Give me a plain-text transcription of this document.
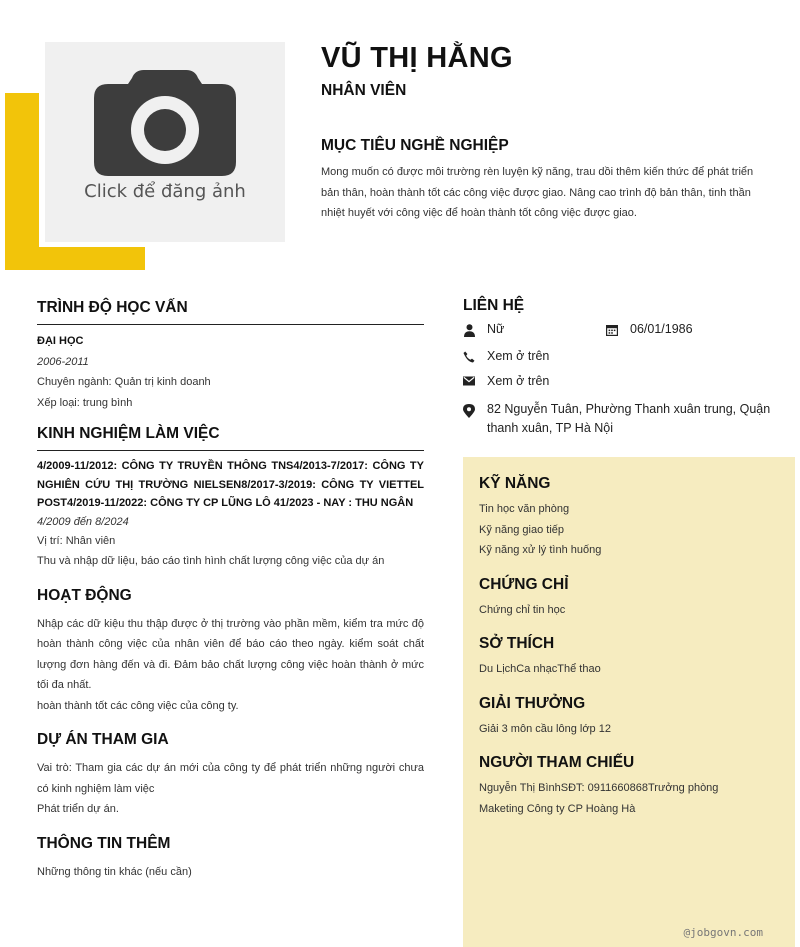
Click để đăng ảnh
VŨ THỊ HẰNG
NHÂN VIÊN
MỤC TIÊU NGHỀ NGHIỆP
Mong muốn có được môi trường rèn luyện kỹ năng, trau dồi thêm kiến thức để phát triển bản thân, hoàn thành tốt các công việc được giao. Nâng cao trình độ bản thân, tinh thần nhiệt huyết với công việc để hoàn thành tốt công việc được giao.
TRÌNH ĐỘ HỌC VẤN
ĐẠI HỌC
2006-2011
Chuyên ngành: Quản trị kinh doanh
Xếp loại: trung bình
KINH NGHIỆM LÀM VIỆC
4/2009-11/2012: CÔNG TY TRUYỀN THÔNG TNS4/2013-7/2017: CÔNG TY NGHIÊN CỨU THỊ TRƯỜNG NIELSEN8/2017-3/2019: CÔNG TY VIETTEL POST4/2019-11/2022: CÔNG TY CP LŨNG LÔ 41/2023 - NAY : THU NGÂN
4/2009 đến 8/2024
Vị trí: Nhân viên
Thu và nhập dữ liệu, báo cáo tình hình chất lượng công việc của dự án
HOẠT ĐỘNG
Nhập các dữ kiệu thu thập được ở thị trường vào phần mềm, kiểm tra mức độ hoàn thành công việc của nhân viên để báo cáo theo ngày. kiểm soát chất lượng đơn hàng đến và đi. Đảm bảo chất lượng công việc hoàn thành ở mức tối đa nhất.
hoàn thành tốt các công việc của công ty.
DỰ ÁN THAM GIA
Vai trò: Tham gia các dự án mới của công ty để phát triển những người chưa có kinh nghiệm làm việc
Phát triển dự án.
THÔNG TIN THÊM
Những thông tin khác (nếu cần)
LIÊN HỆ
Nữ	06/01/1986
Xem ở trên
Xem ở trên
82 Nguyễn Tuân, Phường Thanh xuân trung, Quận thanh xuân, TP Hà Nội
KỸ NĂNG
Tin học văn phòng
Kỹ năng giao tiếp
Kỹ năng xử lý tình huống
CHỨNG CHỈ
Chứng chỉ tin học
SỞ THÍCH
Du LịchCa nhạcThể thao
GIẢI THƯỞNG
Giải 3 môn cầu lông lớp 12
NGƯỜI THAM CHIẾU
Nguyễn Thị BìnhSĐT: 0911660868Trưởng phòng
Maketing Công ty CP Hoàng Hà
@jobgovn.com
